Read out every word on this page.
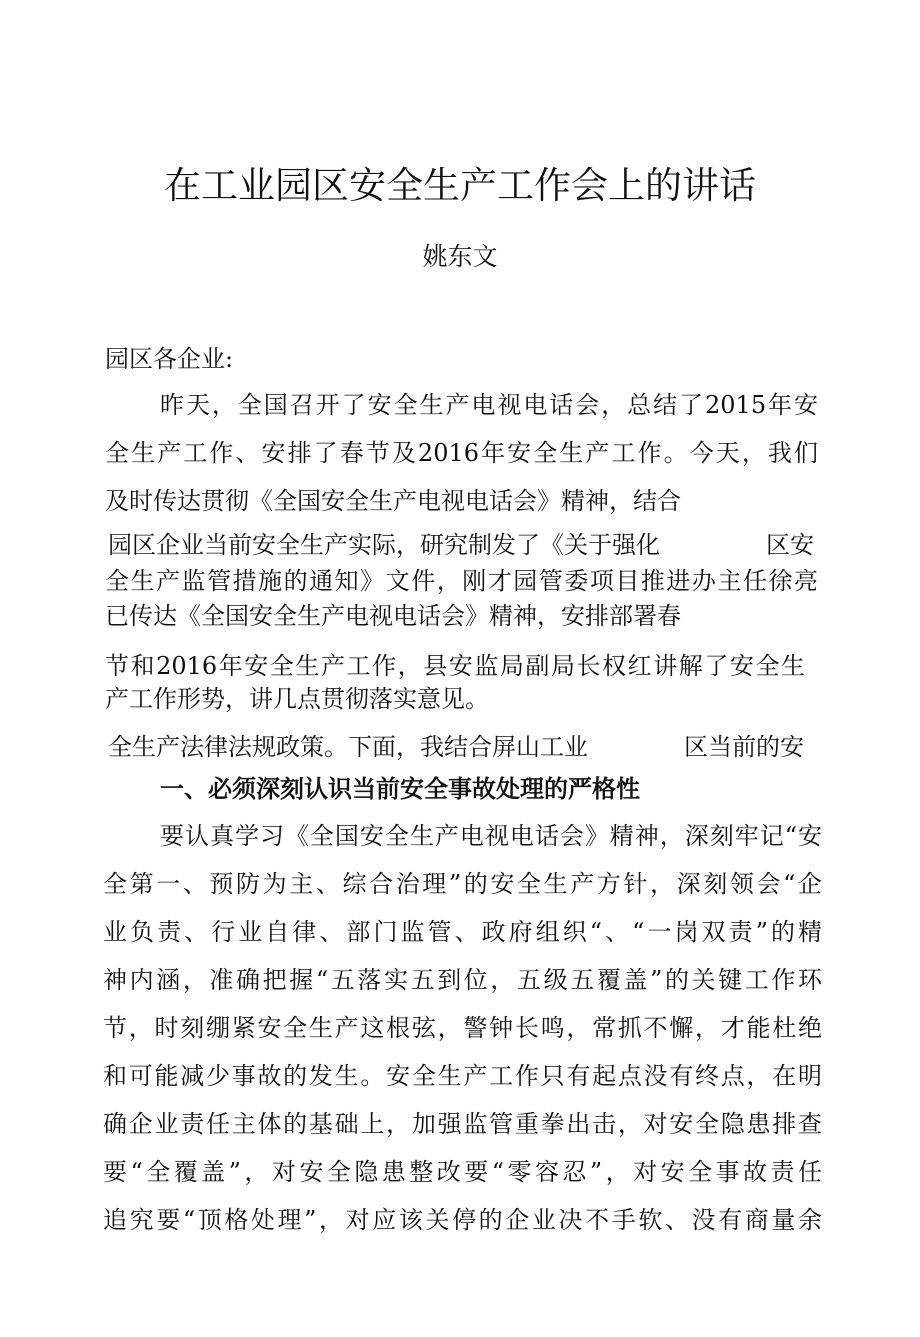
在工业园区安全生产工作会上的讲话
姚东文
园区各企业:
昨天，全国召开了安全生产电视电话会，总结了2015年安
全生产工作、安排了春节及2016年安全生产工作。今天，我们
及时传达贯彻《全国安全生产电视电话会》精神，结合
园区企业当前安全生产实际，研究制发了《关于强化	区安
全生产监管措施的通知》文件，刚才园管委项目推进办主任徐亮
已传达《全国安全生产电视电话会》精神，安排部署春
节和2016年安全生产工作，县安监局副局长权红讲解了安全生
产工作形势，讲几点贯彻落实意见。
全生产法律法规政策。下面，我结合屏山工业	区当前的安
一、必须深刻认识当前安全事故处理的严格性
要认真学习《全国安全生产电视电话会》精神，深刻牢记“安
全第一、预防为主、综合治理”的安全生产方针，深刻领会“企
业负责、行业自律、部门监管、政府组织“、“一岗双责”的精
神内涵，准确把握“五落实五到位，五级五覆盖”的关键工作环
节，时刻绷紧安全生产这根弦，警钟长鸣，常抓不懈，才能杜绝
和可能减少事故的发生。安全生产工作只有起点没有终点，在明
确企业责任主体的基础上，加强监管重拳出击，对安全隐患排查
要“全覆盖”，对安全隐患整改要“零容忍”，对安全事故责任
追究要“顶格处理”，对应该关停的企业决不手软、没有商量余
